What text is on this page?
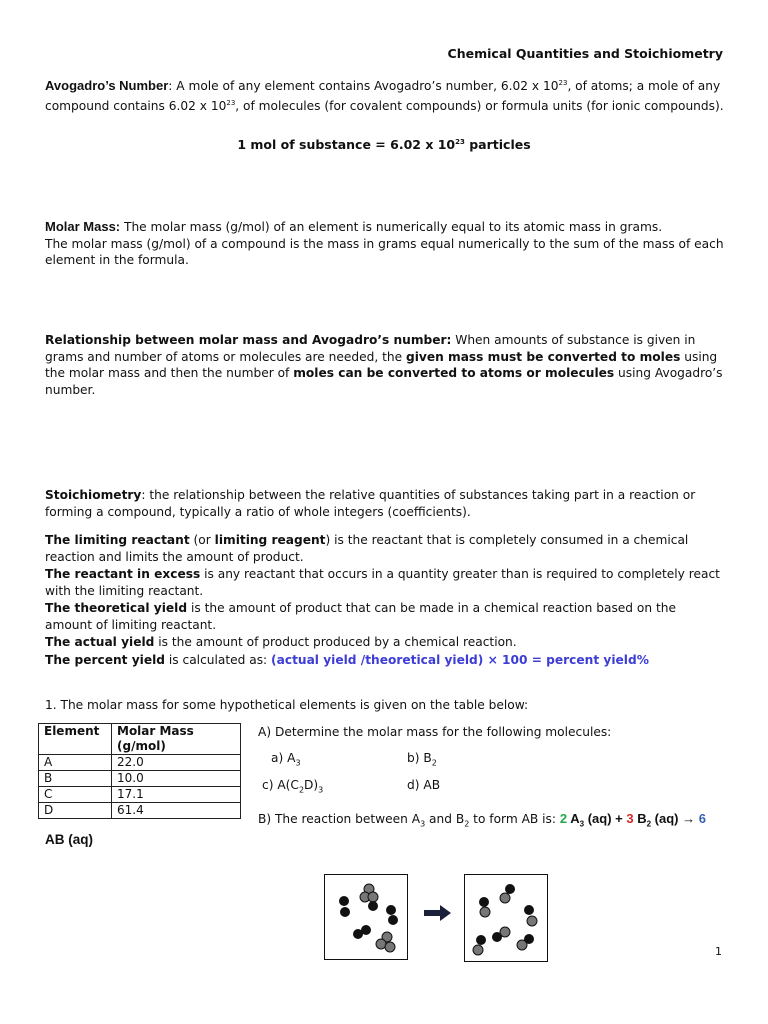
Chemical Quantities and Stoichiometry

Avogadro’s Number: A mole of any element contains Avogadro’s number, 6.02 x $10^{23}$, of atoms; a mole of any compound contains 6.02 x $10^{23}$, of molecules (for covalent compounds) or formula units (for ionic compounds).

1 mol of substance = 6.02 x $10^{23}$ particles

Molar Mass: The molar mass (g/mol) of an element is numerically equal to its atomic mass in grams.
The molar mass (g/mol) of a compound is the mass in grams equal numerically to the sum of the mass of each element in the formula.

Relationship between molar mass and Avogadro’s number: When amounts of substance is given in grams and number of atoms or molecules are needed, the given mass must be converted to moles using the molar mass and then the number of moles can be converted to atoms or molecules using Avogadro’s number.

Stoichiometry: the relationship between the relative quantities of substances taking part in a reaction or forming a compound, typically a ratio of whole integers (coefficients).

The limiting reactant (or limiting reagent) is the reactant that is completely consumed in a chemical reaction and limits the amount of product.

The reactant in excess is any reactant that occurs in a quantity greater than is required to completely react with the limiting reactant.

The theoretical yield is the amount of product that can be made in a chemical reaction based on the amount of limiting reactant.

The actual yield is the amount of product produced by a chemical reaction.

The percent yield is calculated as: (actual yield /theoretical yield) × 100 = percent yield%

1. The molar mass for some hypothetical elements is given on the table below:

Element	Molar Mass (g/mol)
A	22.0
B	10.0
C	17.1
D	61.4

A) Determine the molar mass for the following molecules:

a) $A_3$	b) $B_2$

c) $A(C_2D)_3$	d) AB

B) The reaction between $A_3$ and $B_2$ to form AB is: 2 $A_3$ (aq) + 3 $B_2$ (aq) → 6

AB (aq)

1
